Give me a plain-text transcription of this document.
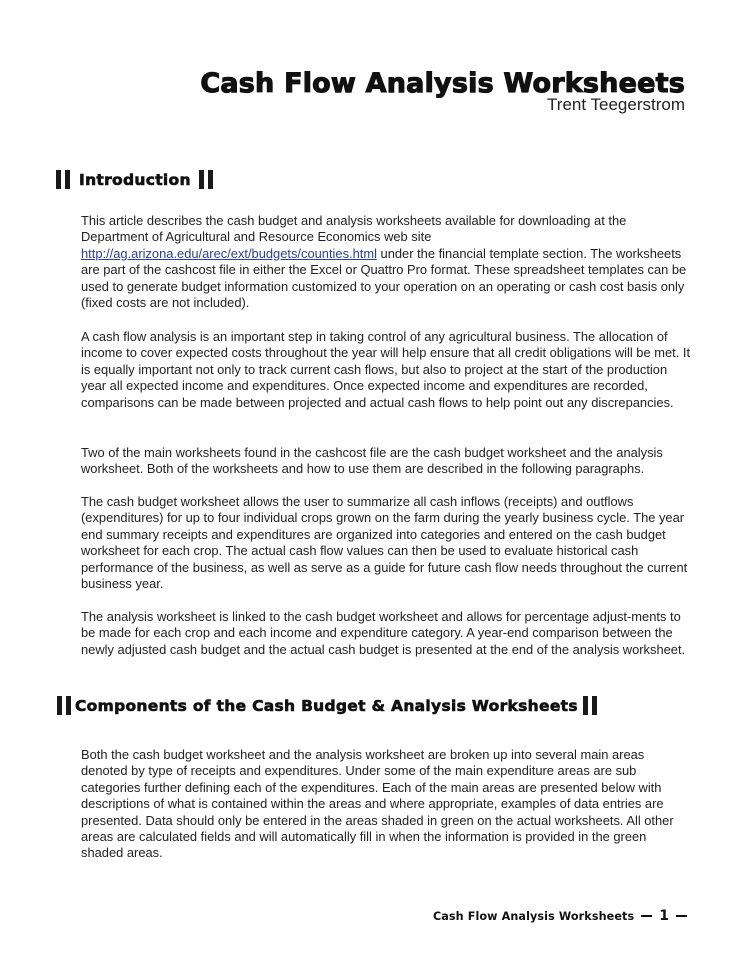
Cash Flow Analysis Worksheets
Trent Teegerstrom
Introduction

This article describes the cash budget and analysis worksheets available for downloading at the Department of Agricultural and Resource Economics web site http://ag.arizona.edu/arec/ext/budgets/counties.html under the financial template section. The worksheets are part of the cashcost file in either the Excel or Quattro Pro format. These spreadsheet templates can be used to generate budget information customized to your operation on an operating or cash cost basis only (fixed costs are not included).

A cash flow analysis is an important step in taking control of any agricultural business. The allocation of income to cover expected costs throughout the year will help ensure that all credit obligations will be met. It is equally important not only to track current cash flows, but also to project at the start of the production year all expected income and expenditures. Once expected income and expenditures are recorded, comparisons can be made between projected and actual cash flows to help point out any discrepancies.

Two of the main worksheets found in the cashcost file are the cash budget worksheet and the analysis worksheet. Both of the worksheets and how to use them are described in the following paragraphs.

The cash budget worksheet allows the user to summarize all cash inflows (receipts) and outflows (expenditures) for up to four individual crops grown on the farm during the yearly business cycle. The year end summary receipts and expenditures are organized into categories and entered on the cash budget worksheet for each crop. The actual cash flow values can then be used to evaluate historical cash performance of the business, as well as serve as a guide for future cash flow needs throughout the current business year.

The analysis worksheet is linked to the cash budget worksheet and allows for percentage adjust-ments to be made for each crop and each income and expenditure category. A year-end comparison between the newly adjusted cash budget and the actual cash budget is presented at the end of the analysis worksheet.

Components of the Cash Budget & Analysis Worksheets

Both the cash budget worksheet and the analysis worksheet are broken up into several main areas denoted by type of receipts and expenditures. Under some of the main expenditure areas are sub categories further defining each of the expenditures. Each of the main areas are presented below with descriptions of what is contained within the areas and where appropriate, examples of data entries are presented. Data should only be entered in the areas shaded in green on the actual worksheets. All other areas are calculated fields and will automatically fill in when the information is provided in the green shaded areas.

Cash Flow Analysis Worksheets 1
